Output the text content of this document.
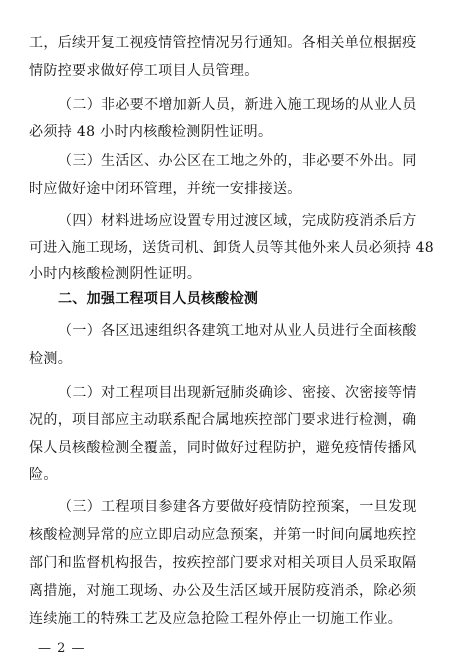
工，后续开复工视疫情管控情况另行通知。各相关单位根据疫
情防控要求做好停工项目人员管理。
（二）非必要不增加新人员，新进入施工现场的从业人员
必须持 48 小时内核酸检测阴性证明。
（三）生活区、办公区在工地之外的，非必要不外出。同
时应做好途中闭环管理，并统一安排接送。
（四）材料进场应设置专用过渡区域，完成防疫消杀后方
可进入施工现场，送货司机、卸货人员等其他外来人员必须持 48
小时内核酸检测阴性证明。
二、加强工程项目人员核酸检测
（一）各区迅速组织各建筑工地对从业人员进行全面核酸
检测。
（二）对工程项目出现新冠肺炎确诊、密接、次密接等情
况的，项目部应主动联系配合属地疾控部门要求进行检测，确
保人员核酸检测全覆盖，同时做好过程防护，避免疫情传播风
险。
（三）工程项目参建各方要做好疫情防控预案，一旦发现
核酸检测异常的应立即启动应急预案，并第一时间向属地疾控
部门和监督机构报告，按疾控部门要求对相关项目人员采取隔
离措施，对施工现场、办公及生活区域开展防疫消杀，除必须
连续施工的特殊工艺及应急抢险工程外停止一切施工作业。
— 2 —
